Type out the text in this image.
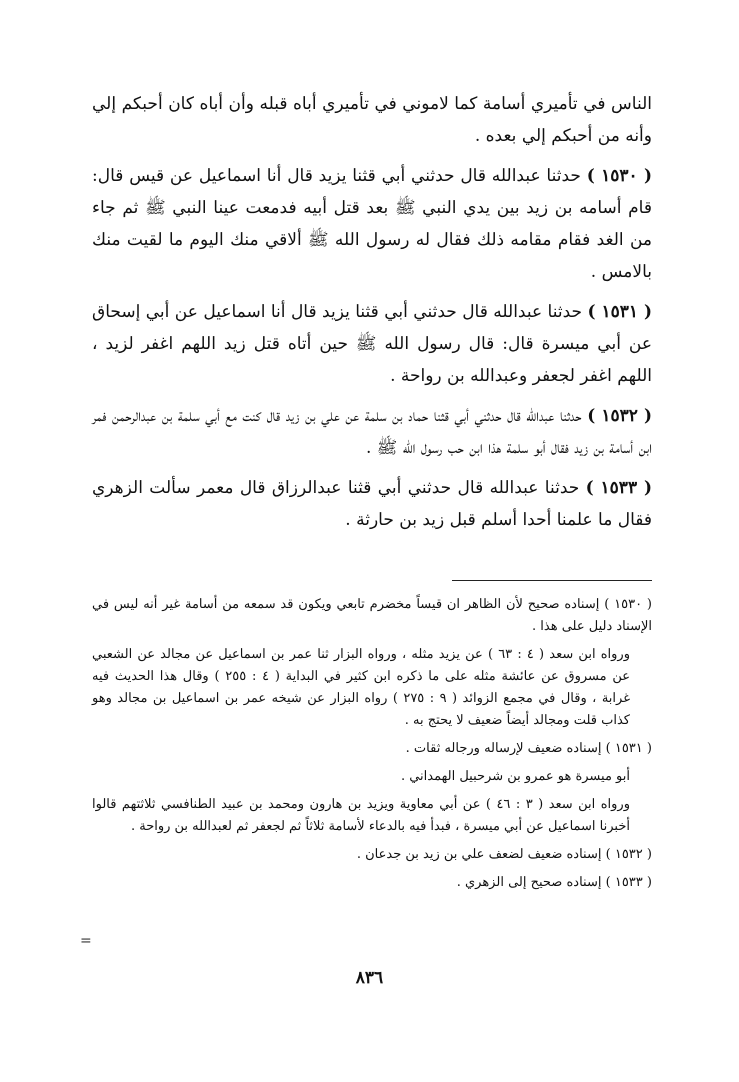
الناس في تأميري أسامة كما لاموني في تأميري أباه قبله وأن أباه كان أحبكم إلي وأنه من أحبكم إلي بعده .

( ١٥٣٠ ) حدثنا عبدالله قال حدثني أبي قثنا يزيد قال أنا اسماعيل عن قيس قال: قام أسامه بن زيد بين يدي النبي ﷺ بعد قتل أبيه فدمعت عينا النبي ﷺ ثم جاء من الغد فقام مقامه ذلك فقال له رسول الله ﷺ ألاقي منك اليوم ما لقيت منك بالامس .

( ١٥٣١ ) حدثنا عبدالله قال حدثني أبي قثنا يزيد قال أنا اسماعيل عن أبي إسحاق عن أبي ميسرة قال: قال رسول الله ﷺ حين أتاه قتل زيد اللهم اغفر لزيد ، اللهم اغفر لجعفر وعبدالله بن رواحة .

( ١٥٣٢ ) حدثنا عبدالله قال حدثني أبي قثنا حماد بن سلمة عن علي بن زيد قال كنت مع أبي سلمة بن عبدالرحمن فمر ابن أسامة بن زيد فقال أبو سلمة هذا ابن حب رسول الله ﷺ .

( ١٥٣٣ ) حدثنا عبدالله قال حدثني أبي قثنا عبدالرزاق قال معمر سألت الزهري فقال ما علمنا أحدا أسلم قبل زيد بن حارثة .

( ١٥٣٠ ) إسناده صحيح لأن الظاهر ان قيساً مخضرم تابعي ويكون قد سمعه من أسامة غير أنه ليس في الإسناد دليل على هذا .

ورواه ابن سعد ( ٤ : ٦٣ ) عن يزيد مثله ، ورواه البزار ثنا عمر بن اسماعيل عن مجالد عن الشعبي عن مسروق عن عائشة مثله على ما ذكره ابن كثير في البداية ( ٤ : ٢٥٥ ) وقال هذا الحديث فيه غرابة ، وقال في مجمع الزوائد ( ٩ : ٢٧٥ ) رواه البزار عن شيخه عمر بن اسماعيل بن مجالد وهو كذاب قلت ومجالد أيضاً ضعيف لا يحتج به .

( ١٥٣١ ) إسناده ضعيف لإرساله ورجاله ثقات .

أبو ميسرة هو عمرو بن شرحبيل الهمداني .

ورواه ابن سعد ( ٣ : ٤٦ ) عن أبي معاوية ويزيد بن هارون ومحمد بن عبيد الطنافسي ثلاثتهم قالوا أخبرنا اسماعيل عن أبي ميسرة ، فبدأ فيه بالدعاء لأسامة ثلاثاً ثم لجعفر ثم لعبدالله بن رواحة .

( ١٥٣٢ ) إسناده ضعيف لضعف علي بن زيد بن جدعان .

( ١٥٣٣ ) إسناده صحيح إلى الزهري .

=
٨٣٦
